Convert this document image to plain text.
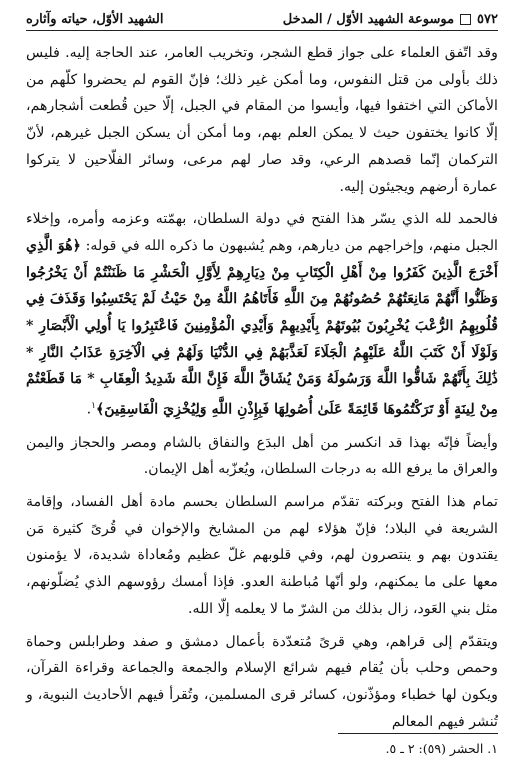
٥٧٢
موسوعة الشهيد الأوّل / المدخل
الشهيد الأوّل، حياته وآثاره

وقد اتّفق العلماء على جواز قطع الشجر، وتخريب العامر، عند الحاجة إليه. فليس ذلك بأولى من قتل النفوس، وما أمكن غير ذلك؛ فإنّ القوم لم يحضروا كلّهم من الأماكن التي اختفوا فيها، وأيسوا من المقام في الجبل، إلّا حين قُطعت أشجارهم، إلّا كانوا يختفون حيث لا يمكن العلم بهم، وما أمكن أن يسكن الجبل غيرهم، لأنّ التركمان إنّما قصدهم الرعي، وقد صار لهم مرعى، وسائر الفلّاحين لا يتركوا عمارة أرضهم ويجيئون إليه.

فالحمد لله الذي يسّر هذا الفتح في دولة السلطان، بهمّته وعزمه وأمره، وإخلاء الجبل منهم، وإخراجهم من ديارهم، وهم يُشبهون ما ذكره الله في قوله: ﴿هُوَ الَّذِي أَخْرَجَ الَّذِينَ كَفَرُوا مِنْ أَهْلِ الْكِتَابِ مِنْ دِيَارِهِمْ لِأَوَّلِ الْحَشْرِ مَا ظَنَنْتُمْ أَنْ يَخْرُجُوا وَظَنُّوا أَنَّهُمْ مَانِعَتُهُمْ حُصُونُهُمْ مِنَ اللَّهِ فَأَتَاهُمُ اللَّهُ مِنْ حَيْثُ لَمْ يَحْتَسِبُوا وَقَذَفَ فِي قُلُوبِهِمُ الرُّعْبَ يُخْرِبُونَ بُيُوتَهُمْ بِأَيْدِيهِمْ وَأَيْدِي الْمُؤْمِنِينَ فَاعْتَبِرُوا يَا أُولِي الْأَبْصَارِ * وَلَوْلَا أَنْ كَتَبَ اللَّهُ عَلَيْهِمُ الْجَلَاءَ لَعَذَّبَهُمْ فِي الدُّنْيَا وَلَهُمْ فِي الْآخِرَةِ عَذَابُ النَّارِ * ذَٰلِكَ بِأَنَّهُمْ شَاقُّوا اللَّهَ وَرَسُولَهُ وَمَنْ يُشَاقِّ اللَّهَ فَإِنَّ اللَّهَ شَدِيدُ الْعِقَابِ * مَا قَطَعْتُمْ مِنْ لِينَةٍ أَوْ تَرَكْتُمُوهَا قَائِمَةً عَلَىٰ أُصُولِهَا فَبِإِذْنِ اللَّهِ وَلِيُخْزِيَ الْفَاسِقِينَ﴾$^١$.

وأيضاً فإنّه بهذا قد انكسر من أهل البدَع والنفاق بالشام ومصر والحجاز واليمن والعراق ما يرفع الله به درجات السلطان، ويُعزّبه أهل الإيمان.

تمام هذا الفتح وبركته تقدّم مراسم السلطان بحسم مادة أهل الفساد، وإقامة الشريعة في البلاد؛ فإنّ هؤلاء لهم من المشايخ والإخوان في قُرىً كثيرة مَن يقتدون بهم و ينتصرون لهم، وفي قلوبهم غلّ عظيم ومُعاداة شديدة، لا يؤمنون معها على ما يمكنهم، ولو أنّها مُباطنة العدو. فإذا أمسك رؤوسهم الذي يُضلّونهم، مثل بني العَود، زال بذلك من الشرّ ما لا يعلمه إلّا الله.

ويتقدّم إلى قراهم، وهي قرىً مُتعدّدة بأعمال دمشق و صفد وطرابلس وحماة وحمص وحلب بأن يُقام فيهم شرائع الإسلام والجمعة والجماعة وقراءة القرآن، ويكون لها خطباء ومؤذّنون، كسائر قرى المسلمين، وتُقرأ فيهم الأحاديث النبوية، و تُنشر فيهم المعالم

١. الحشر (٥٩): ٢ ـ ٥.
